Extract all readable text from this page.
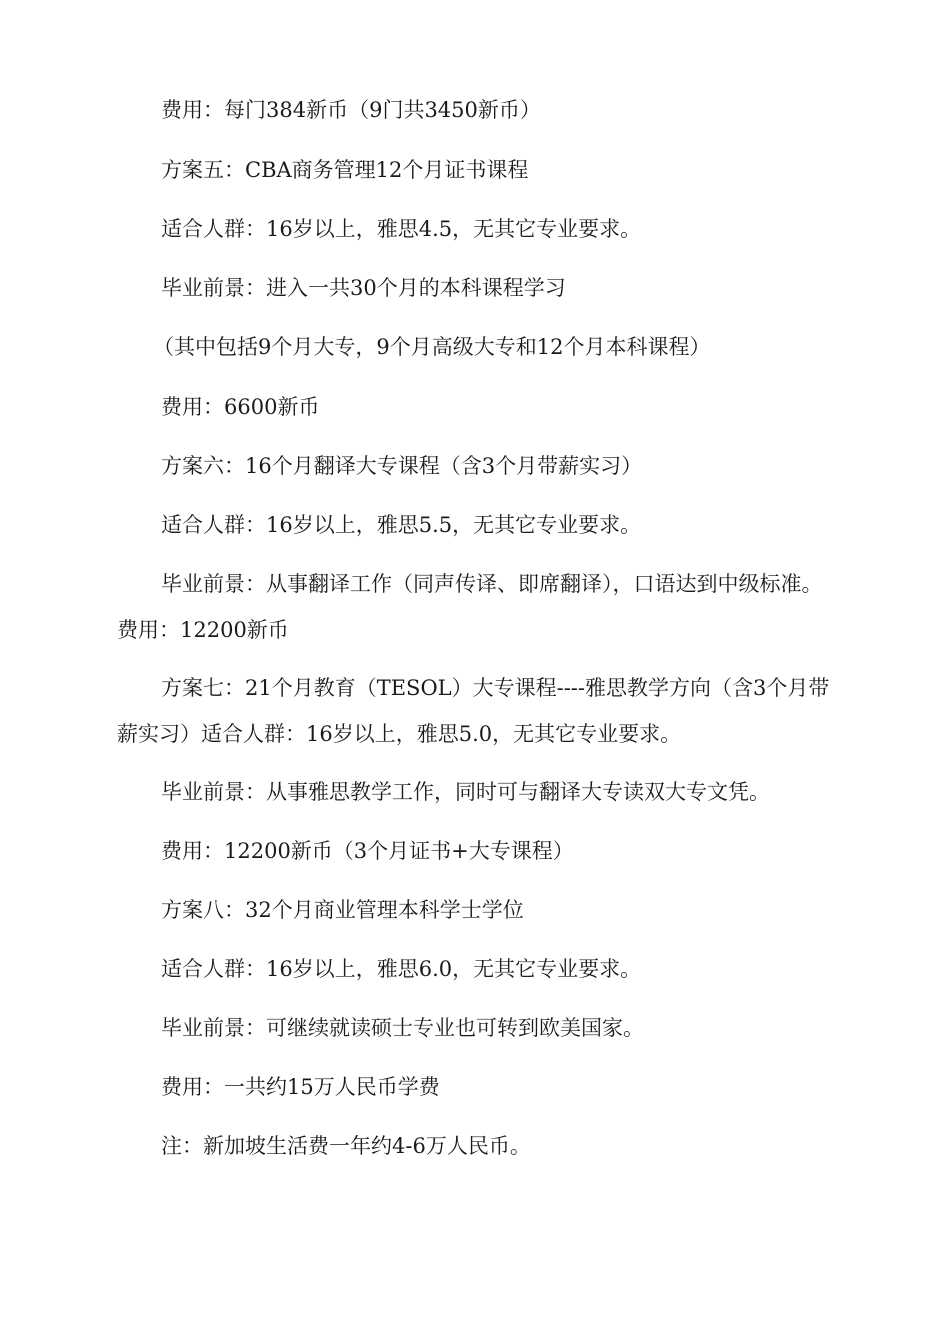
费用：每门384新币（9门共3450新币）

方案五：CBA商务管理12个月证书课程

适合人群：16岁以上，雅思4.5，无其它专业要求。

毕业前景：进入一共30个月的本科课程学习

（其中包括9个月大专，9个月高级大专和12个月本科课程）

费用：6600新币

方案六：16个月翻译大专课程（含3个月带薪实习）

适合人群：16岁以上，雅思5.5，无其它专业要求。

毕业前景：从事翻译工作（同声传译、即席翻译），口语达到中级标准。费用：12200新币

方案七：21个月教育（TESOL）大专课程----雅思教学方向（含3个月带薪实习）适合人群：16岁以上，雅思5.0，无其它专业要求。

毕业前景：从事雅思教学工作，同时可与翻译大专读双大专文凭。

费用：12200新币（3个月证书+大专课程）

方案八：32个月商业管理本科学士学位

适合人群：16岁以上，雅思6.0，无其它专业要求。

毕业前景：可继续就读硕士专业也可转到欧美国家。

费用：一共约15万人民币学费

注：新加坡生活费一年约4-6万人民币。
